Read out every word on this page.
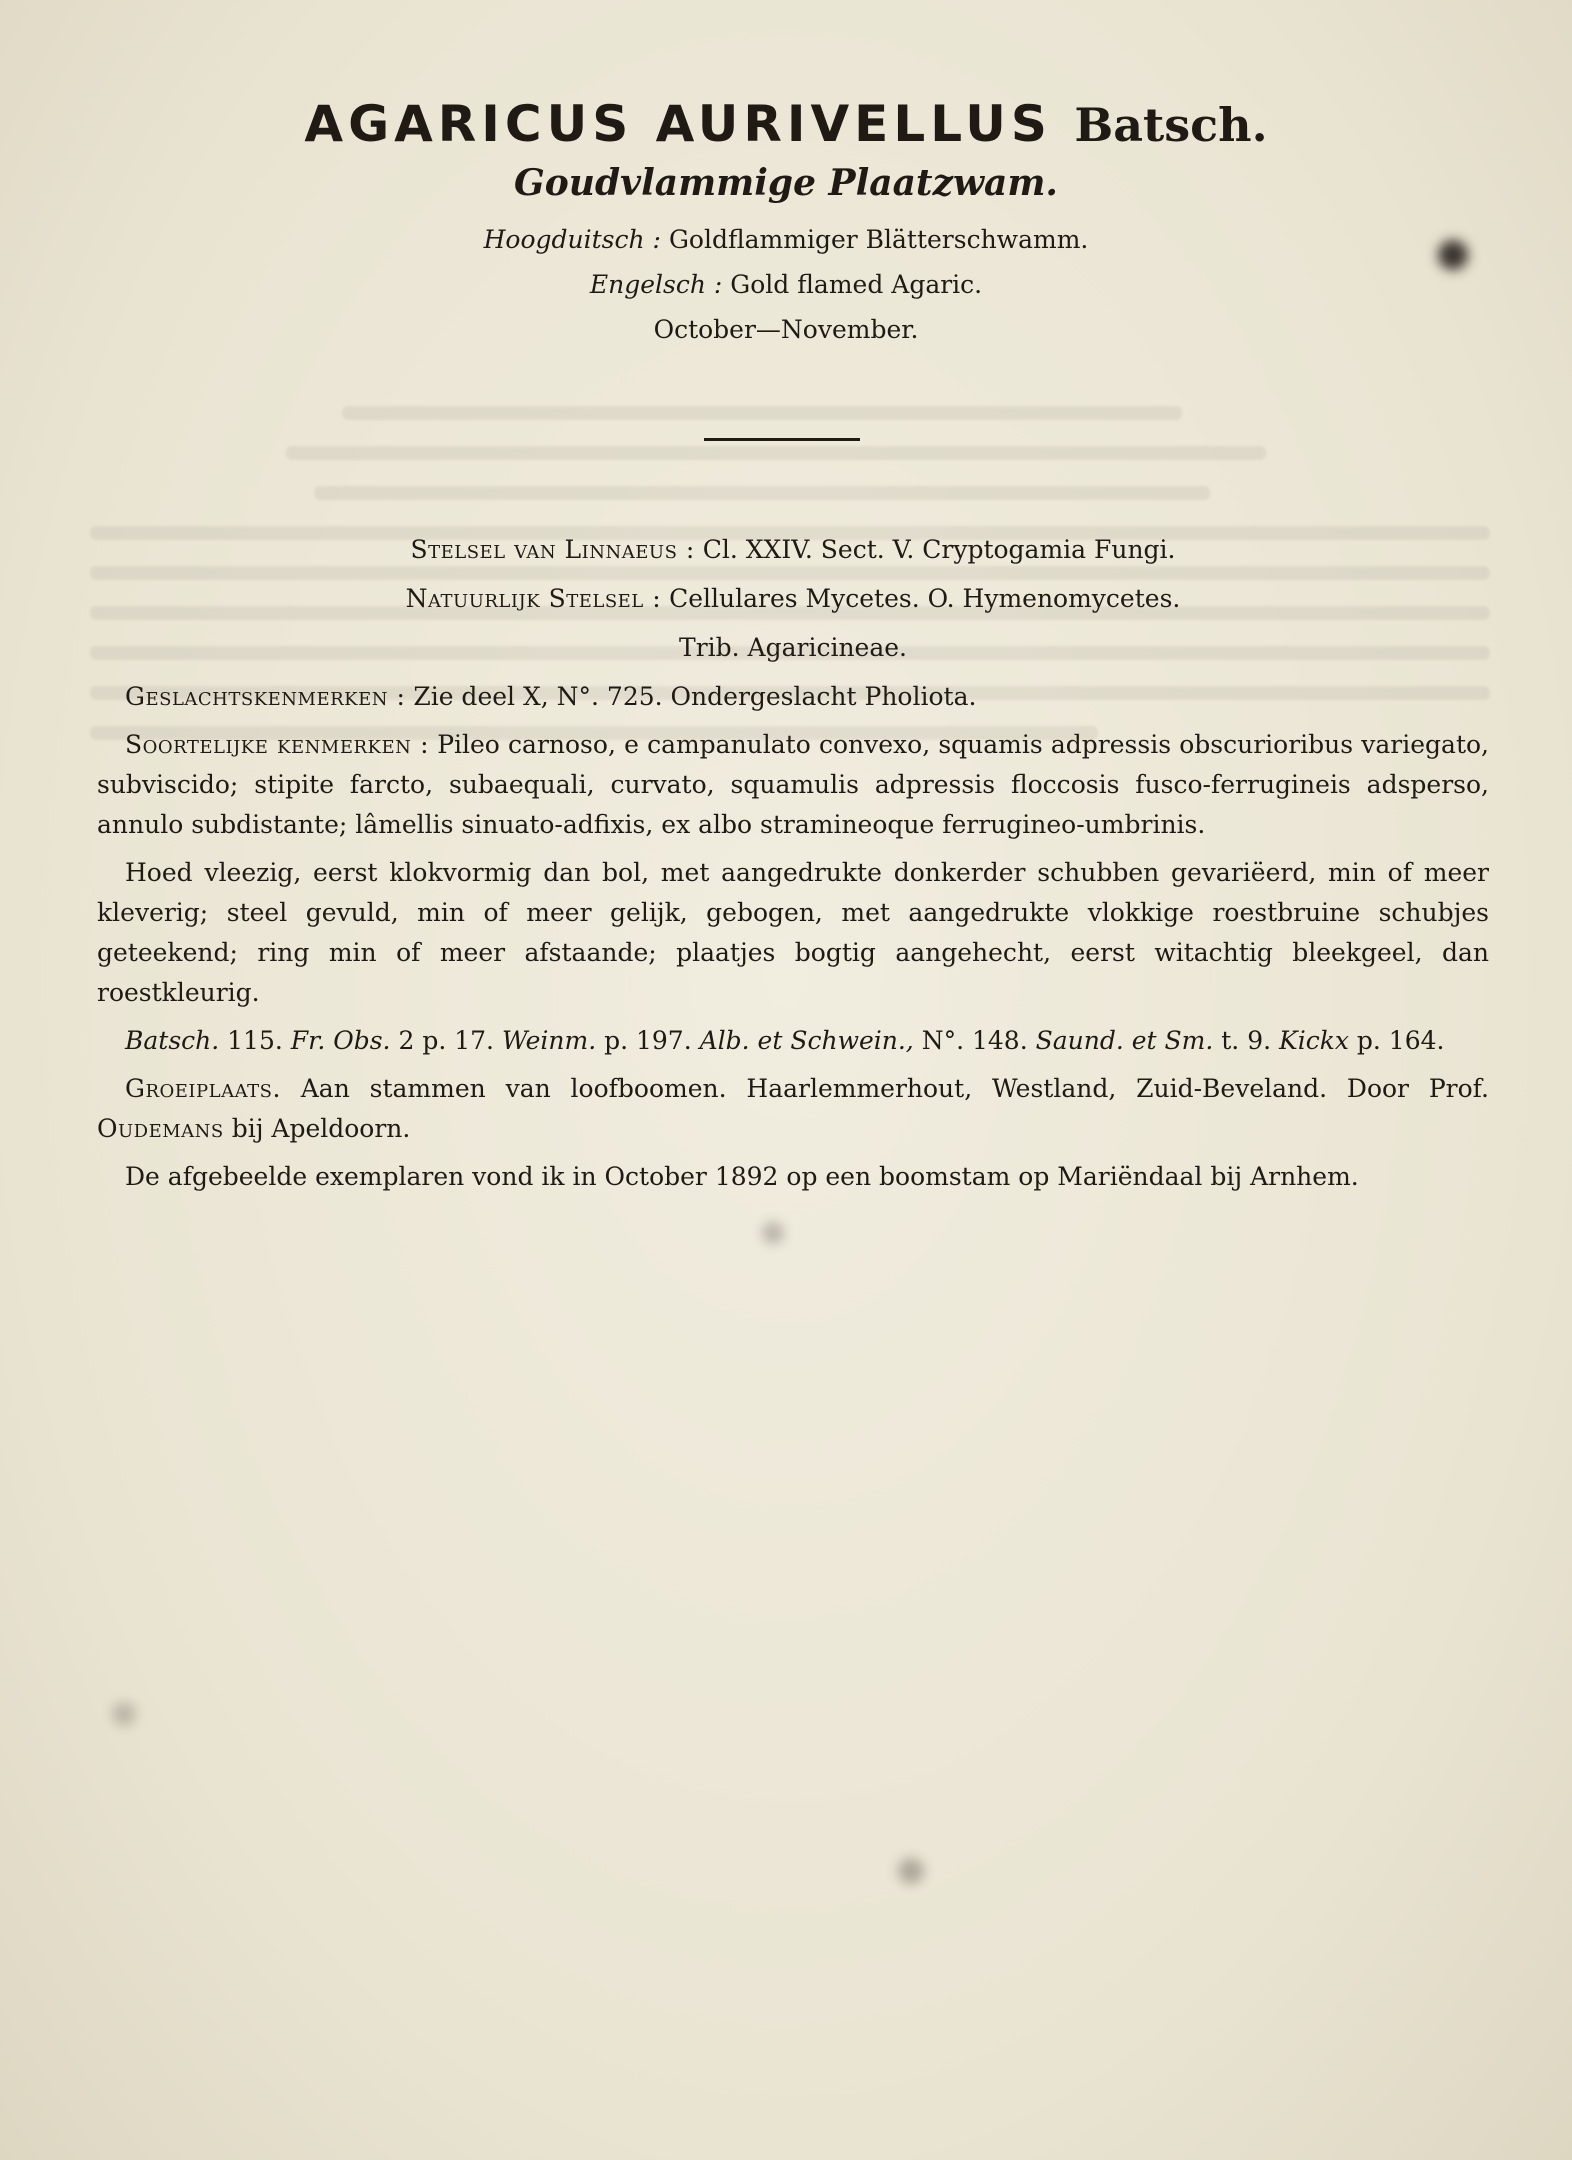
AGARICUS AURIVELLUS Batsch.
Goudvlammige Plaatzwam.
Hoogduitsch : Goldflammiger Blätterschwamm.
Engelsch : Gold flamed Agaric.
October—November.

Stelsel van Linnaeus : Cl. XXIV. Sect. V. Cryptogamia Fungi.

Natuurlijk Stelsel : Cellulares Mycetes. O. Hymenomycetes.

Trib. Agaricineae.

Geslachtskenmerken : Zie deel X, N°. 725. Ondergeslacht Pholiota.

Soortelijke kenmerken : Pileo carnoso, e campanulato convexo, squamis adpressis obscurioribus variegato, subviscido; stipite farcto, subaequali, curvato, squamulis adpressis floccosis fusco-ferrugineis adsperso, annulo subdistante; lâmellis sinuato-adfixis, ex albo stramineoque ferrugineo-umbrinis.

Hoed vleezig, eerst klokvormig dan bol, met aangedrukte donkerder schubben gevariëerd, min of meer kleverig; steel gevuld, min of meer gelijk, gebogen, met aangedrukte vlokkige roestbruine schubjes geteekend; ring min of meer afstaande; plaatjes bogtig aangehecht, eerst witachtig bleekgeel, dan roestkleurig.

Batsch. 115. Fr. Obs. 2 p. 17. Weinm. p. 197. Alb. et Schwein., N°. 148. Saund. et Sm. t. 9. Kickx p. 164.

Groeiplaats. Aan stammen van loofboomen. Haarlemmerhout, Westland, Zuid-Beveland. Door Prof. Oudemans bij Apeldoorn.

De afgebeelde exemplaren vond ik in October 1892 op een boomstam op Mariëndaal bij Arnhem.
